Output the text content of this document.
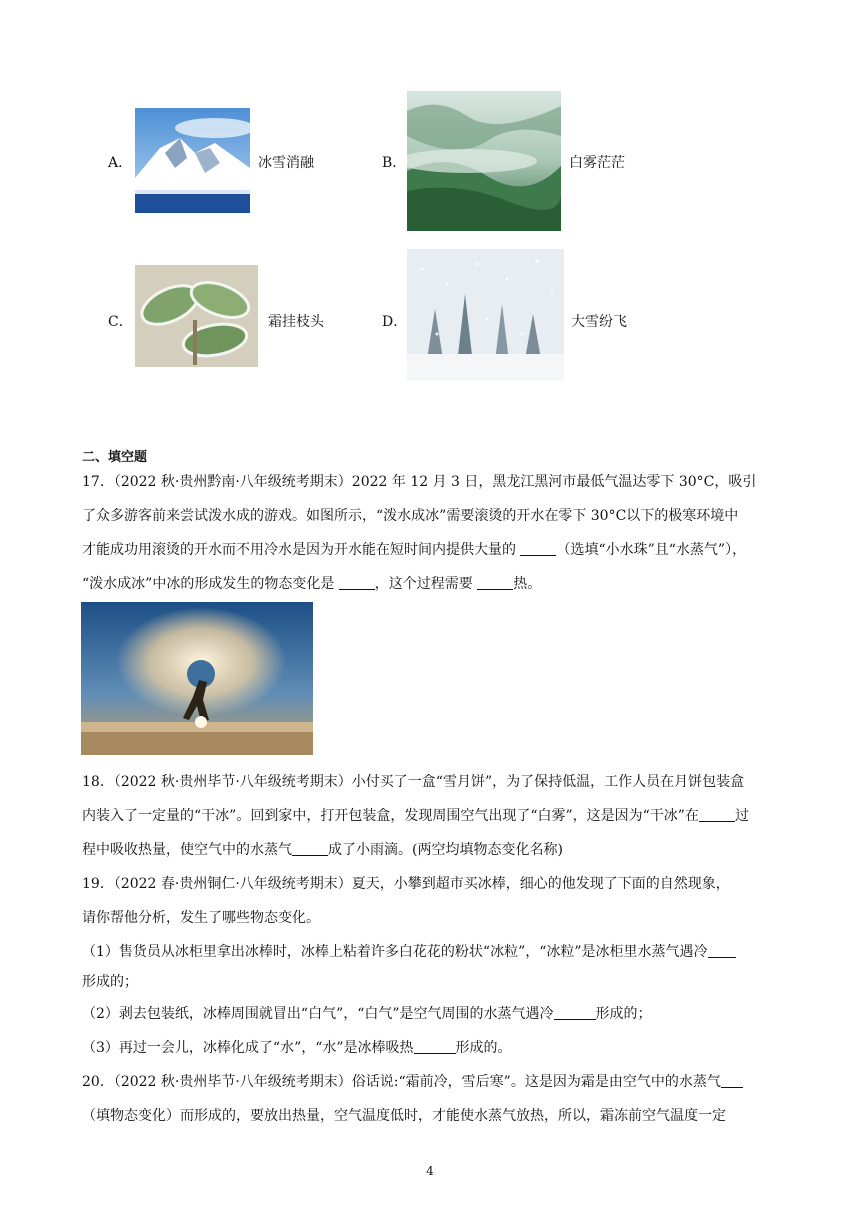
A．	冰雪消融	B．	白雾茫茫
C．	霜挂枝头	D．	大雪纷飞
二、填空题
17．（2022 秋·贵州黔南·八年级统考期末）2022 年 12 月 3 日，黑龙江黑河市最低气温达零下 30°C，吸引
了众多游客前来尝试泼水成的游戏。如图所示，“泼水成冰”需要滚烫的开水在零下 30°C以下的极寒环境中
才能成功用滚烫的开水而不用冷水是因为开水能在短时间内提供大量的	（选填“小水珠”且“水蒸气”），
“泼水成冰”中冰的形成发生的物态变化是	，这个过程需要	热。
18．（2022 秋·贵州毕节·八年级统考期末）小付买了一盒“雪月饼”，为了保持低温，工作人员在月饼包装盒
内装入了一定量的“干冰”。回到家中，打开包装盒，发现周围空气出现了“白雾”，这是因为“干冰”在	过
程中吸收热量，使空气中的水蒸气	成了小雨滴。(两空均填物态变化名称)
19．（2022 春·贵州铜仁·八年级统考期末）夏天，小攀到超市买冰棒，细心的他发现了下面的自然现象，
请你帮他分析，发生了哪些物态变化。
（1）售货员从冰柜里拿出冰棒时，冰棒上粘着许多白花花的粉状“冰粒”，“冰粒”是冰柜里水蒸气遇冷
形成的；
（2）剥去包装纸，冰棒周围就冒出“白气”，“白气”是空气周围的水蒸气遇冷	形成的；
（3）再过一会儿，冰棒化成了“水”，“水”是冰棒吸热	形成的。
20．（2022 秋·贵州毕节·八年级统考期末）俗话说:“霜前冷，雪后寒”。这是因为霜是由空气中的水蒸气
（填物态变化）而形成的，要放出热量，空气温度低时，才能使水蒸气放热，所以，霜冻前空气温度一定
4
